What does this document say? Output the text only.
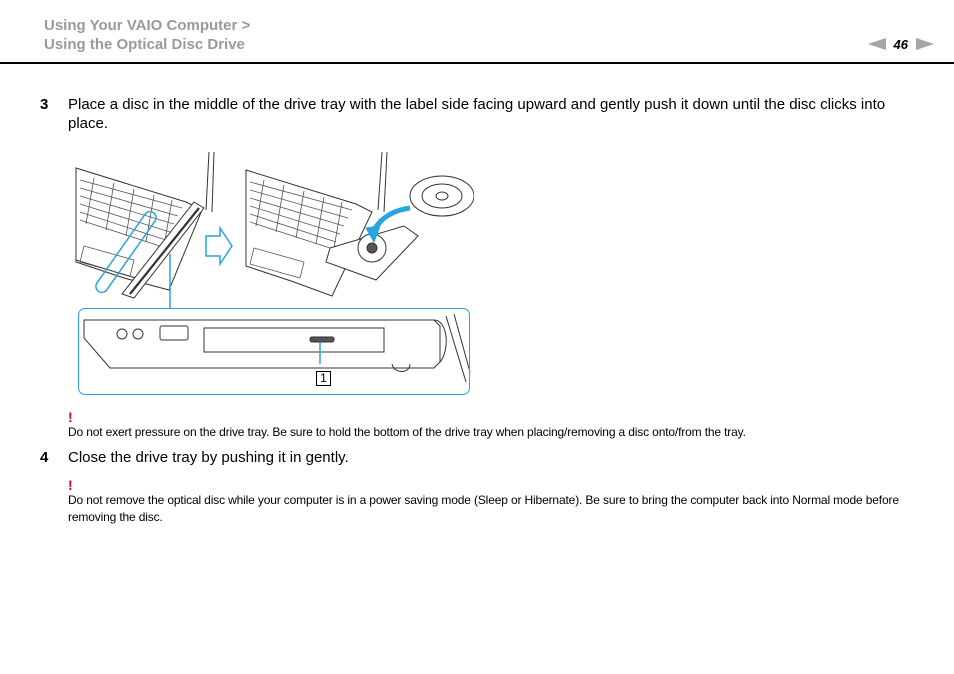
Using Your VAIO Computer >
Using the Optical Disc Drive	46
3	Place a disc in the middle of the drive tray with the label side facing upward and gently push it down until the disc clicks into place.
1
!
Do not exert pressure on the drive tray. Be sure to hold the bottom of the drive tray when placing/removing a disc onto/from the tray.
4	Close the drive tray by pushing it in gently.
!
Do not remove the optical disc while your computer is in a power saving mode (Sleep or Hibernate). Be sure to bring the computer back into Normal mode before removing the disc.
